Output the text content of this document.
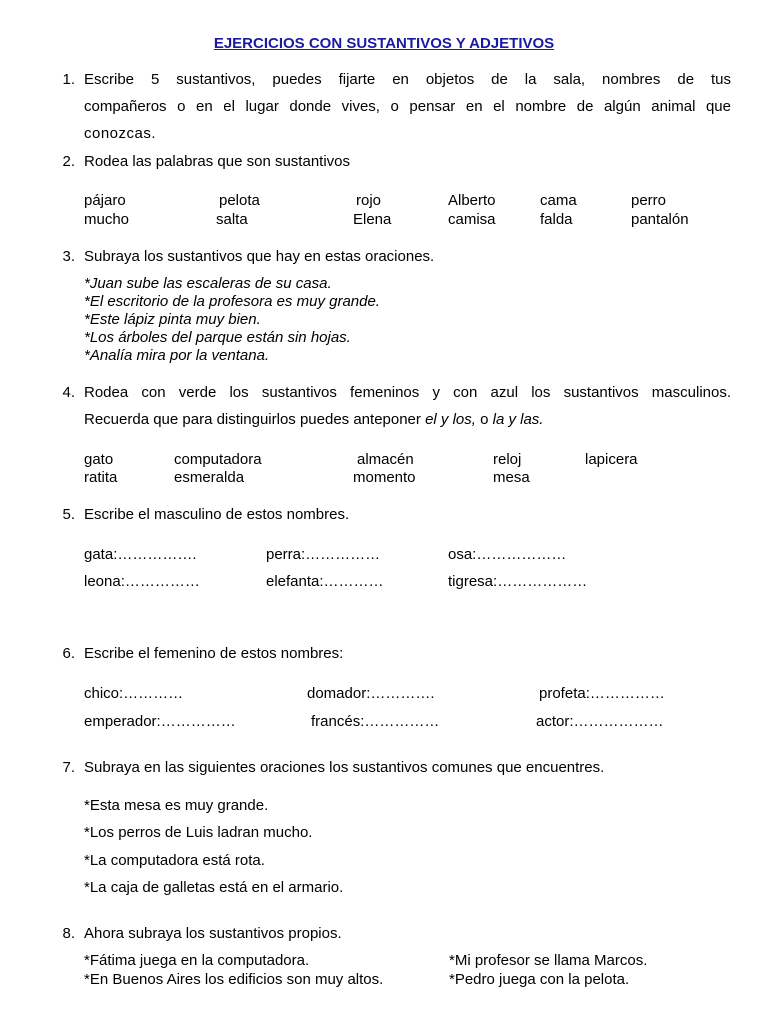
EJERCICIOS CON SUSTANTIVOS Y ADJETIVOS
1. Escribe 5 sustantivos, puedes fijarte en objetos de la sala, nombres de tus
compañeros o en el lugar donde vives, o pensar en el nombre de algún animal que
conozcas.
2. Rodea las palabras que son sustantivos
pájaro	pelota	rojo	Alberto	cama	perro
mucho	salta	Elena	camisa	falda	pantalón
3. Subraya los sustantivos que hay en estas oraciones.
*Juan sube las escaleras de su casa.
*El escritorio de la profesora es muy grande.
*Este lápiz pinta muy bien.
*Los árboles del parque están sin hojas.
*Analía mira por la ventana.
4. Rodea con verde los sustantivos femeninos y con azul los sustantivos masculinos.
Recuerda que para distinguirlos puedes anteponer el y los, o la y las.
gato	computadora	almacén	reloj	lapicera
ratita	esmeralda	momento	mesa
5. Escribe el masculino de estos nombres.
gata:…………….	perra:……………	osa:………………
leona:……………	elefanta:…………	tigresa:………………
6. Escribe el femenino de estos nombres:
chico:…………	domador:………….	profeta:……………
emperador:……………	francés:……………	actor:………………
7. Subraya en las siguientes oraciones los sustantivos comunes que encuentres.
*Esta mesa es muy grande.
*Los perros de Luis ladran mucho.
*La computadora está rota.
*La caja de galletas está en el armario.
8. Ahora subraya los sustantivos propios.
*Fátima juega en la computadora.
*En Buenos Aires los edificios son muy altos.
*Mi profesor se llama Marcos.
*Pedro juega con la pelota.
